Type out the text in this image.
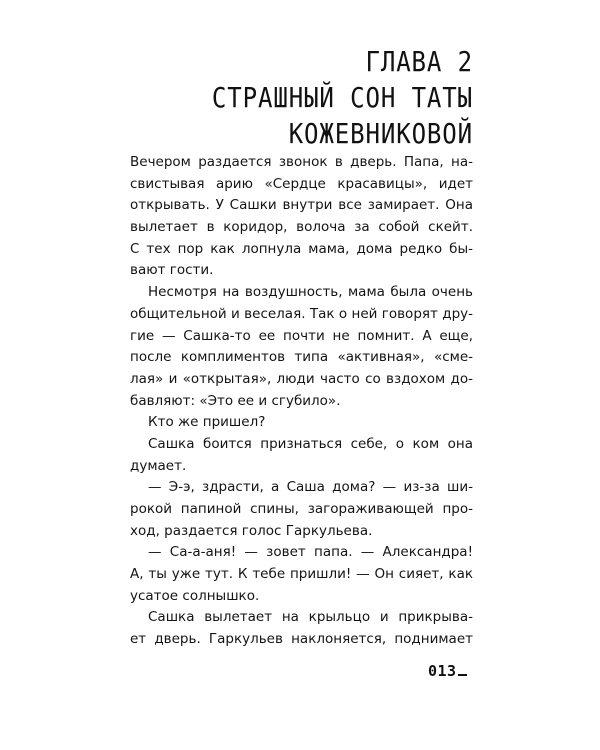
ГЛАВА 2
СТРАШНЫЙ СОН ТАТЫ
КОЖЕВНИКОВОЙ
Вечером раздается звонок в дверь. Папа, на-
свистывая арию «Сердце красавицы», идет
открывать. У Сашки внутри все замирает. Она
вылетает в коридор, волоча за собой скейт.
С тех пор как лопнула мама, дома редко бы-
вают гости.
Несмотря на воздушность, мама была очень
общительной и веселая. Так о ней говорят дру-
гие — Сашка-то ее почти не помнит. А еще,
после комплиментов типа «активная», «сме-
лая» и «открытая», люди часто со вздохом до-
бавляют: «Это ее и сгубило».
Кто же пришел?
Сашка боится признаться себе, о ком она
думает.
— Э-э, здрасти, а Саша дома? — из-за ши-
рокой папиной спины, загораживающей про-
ход, раздается голос Гаркульева.
— Са-а-аня! — зовет папа. — Александра!
А, ты уже тут. К тебе пришли! — Он сияет, как
усатое солнышко.
Сашка вылетает на крыльцо и прикрыва-
ет дверь. Гаркульев наклоняется, поднимает
013
